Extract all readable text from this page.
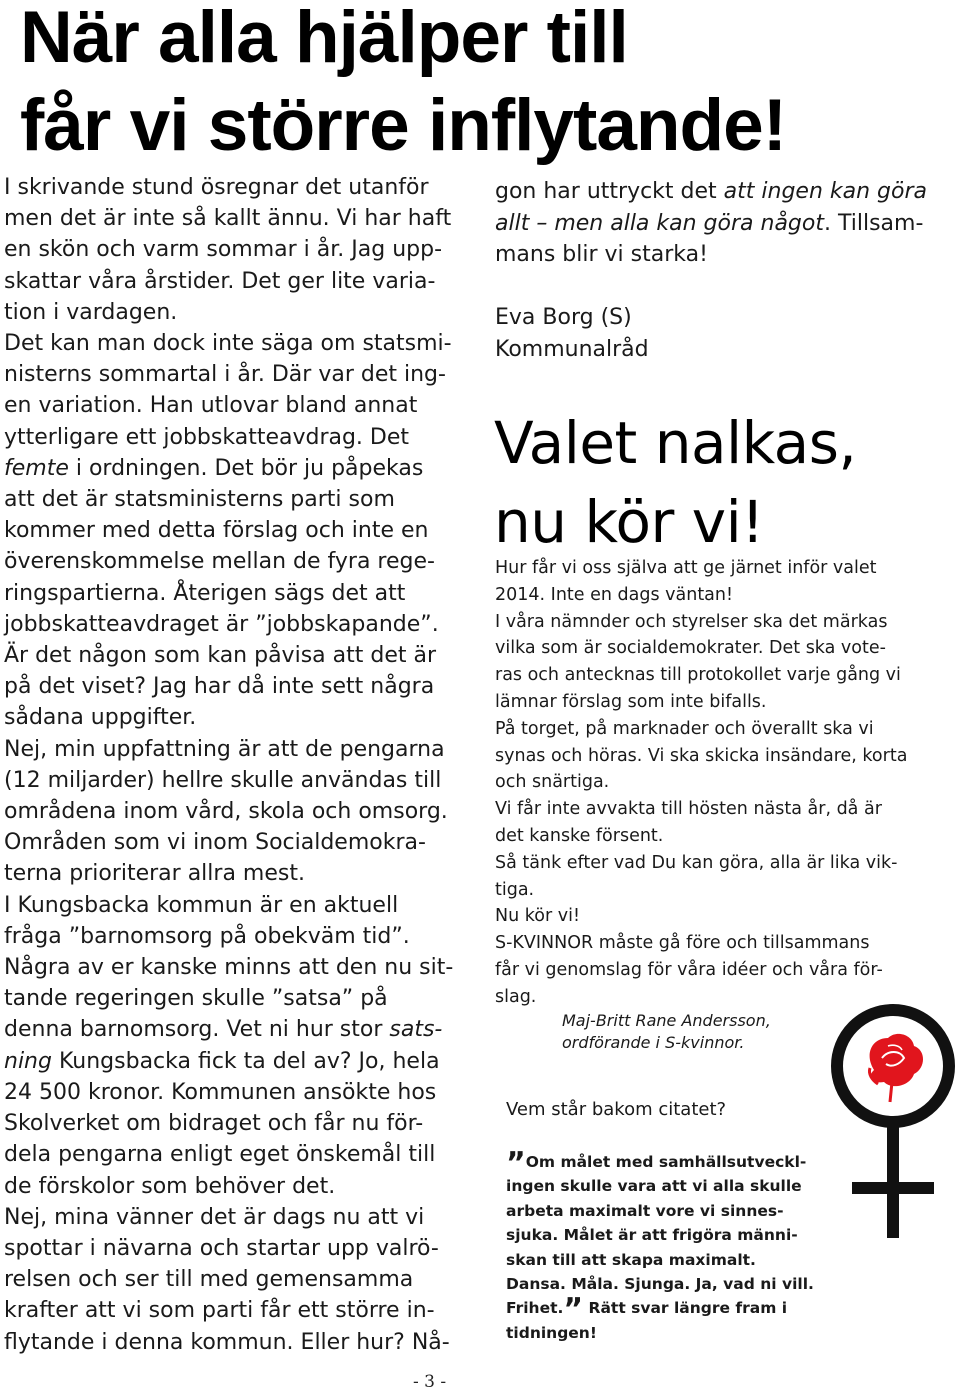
När alla hjälper till
får vi större inflytande!
I skrivande stund ösregnar det utanför
men det är inte så kallt ännu. Vi har haft
en skön och varm sommar i år. Jag upp-
skattar våra årstider. Det ger lite varia-
tion i vardagen.
Det kan man dock inte säga om statsmi-
nisterns sommartal i år. Där var det ing-
en variation. Han utlovar bland annat
ytterligare ett jobbskatteavdrag. Det
femte i ordningen. Det bör ju påpekas
att det är statsministerns parti som
kommer med detta förslag och inte en
överenskommelse mellan de fyra rege-
ringspartierna. Återigen sägs det att
jobbskatteavdraget är ”jobbskapande”.
Är det någon som kan påvisa att det är
på det viset? Jag har då inte sett några
sådana uppgifter.
Nej, min uppfattning är att de pengarna
(12 miljarder) hellre skulle användas till
områdena inom vård, skola och omsorg.
Områden som vi inom Socialdemokra-
terna prioriterar allra mest.
I Kungsbacka kommun är en aktuell
fråga ”barnomsorg på obekväm tid”.
Några av er kanske minns att den nu sit-
tande regeringen skulle ”satsa” på
denna barnomsorg. Vet ni hur stor sats-
ning Kungsbacka fick ta del av? Jo, hela
24 500 kronor. Kommunen ansökte hos
Skolverket om bidraget och får nu för-
dela pengarna enligt eget önskemål till
de förskolor som behöver det.
Nej, mina vänner det är dags nu att vi
spottar i nävarna och startar upp valrö-
relsen och ser till med gemensamma
krafter att vi som parti får ett större in-
flytande i denna kommun. Eller hur? Nå-
gon har uttryckt det att ingen kan göra
allt – men alla kan göra något. Tillsam-
mans blir vi starka!
Eva Borg (S)
Kommunalråd
Valet nalkas,
nu kör vi!
Hur får vi oss själva att ge järnet inför valet
2014. Inte en dags väntan!
I våra nämnder och styrelser ska det märkas
vilka som är socialdemokrater. Det ska vote-
ras och antecknas till protokollet varje gång vi
lämnar förslag som inte bifalls.
På torget, på marknader och överallt ska vi
synas och höras. Vi ska skicka insändare, korta
och snärtiga.
Vi får inte avvakta till hösten nästa år, då är
det kanske försent.
Så tänk efter vad Du kan göra, alla är lika vik-
tiga.
Nu kör vi!
S-KVINNOR måste gå före och tillsammans
får vi genomslag för våra idéer och våra för-
slag.
Maj-Britt Rane Andersson,
ordförande i S-kvinnor.
Vem står bakom citatet?
”Om målet med samhällsutveckl-
ingen skulle vara att vi alla skulle
arbeta maximalt vore vi sinnes-
sjuka. Målet är att frigöra männi-
skan till att skapa maximalt.
Dansa. Måla. Sjunga. Ja, vad ni vill.
Frihet.” Rätt svar längre fram i
tidningen!
- 3 -
